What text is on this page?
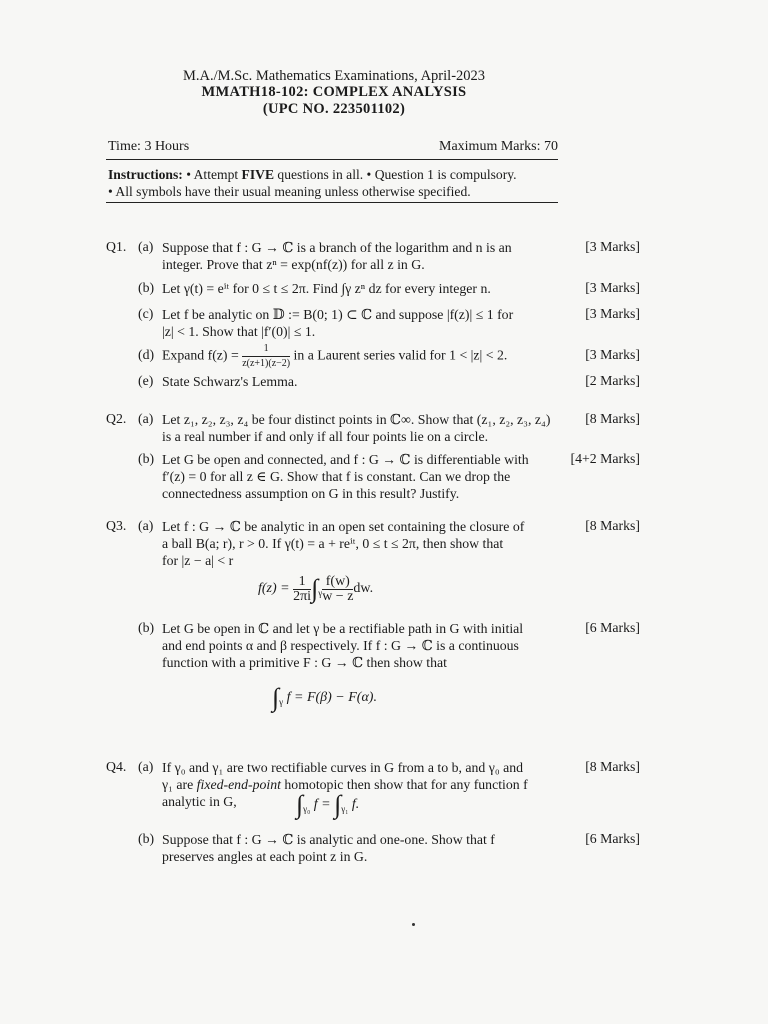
M.A./M.Sc. Mathematics Examinations, April-2023
MMATH18-102: COMPLEX ANALYSIS
(UPC NO. 223501102)
Time: 3 Hours	Maximum Marks: 70
Instructions: • Attempt FIVE questions in all. • Question 1 is compulsory.
• All symbols have their usual meaning unless otherwise specified.
Q1. (a) Suppose that f : G → ℂ is a branch of the logarithm and n is an
integer. Prove that zⁿ = exp(nf(z)) for all z in G.
[3 Marks]
(b) Let γ(t) = eⁱᵗ for 0 ≤ t ≤ 2π. Find ∫γ zⁿ dz for every integer n.	[3 Marks]
(c) Let f be analytic on 𝔻 := B(0; 1) ⊂ ℂ and suppose |f(z)| ≤ 1 for
|z| < 1. Show that |f′(0)| ≤ 1.
[3 Marks]
(d) Expand $f(z) = \frac{1}{z(z+1)(z-2)}$ in a Laurent series valid for 1 < |z| < 2.	[3 Marks]
(e) State Schwarz's Lemma.	[2 Marks]
Q2. (a) Let z₁, z₂, z₃, z₄ be four distinct points in ℂ∞. Show that (z₁, z₂, z₃, z₄)
is a real number if and only if all four points lie on a circle.
[8 Marks]
(b) Let G be open and connected, and f : G → ℂ is differentiable with
f′(z) = 0 for all z ∈ G. Show that f is constant. Can we drop the
connectedness assumption on G in this result? Justify.
[4+2 Marks]
Q3. (a) Let f : G → ℂ be analytic in an open set containing the closure of
a ball B(a; r), r > 0. If γ(t) = a + reⁱᵗ, 0 ≤ t ≤ 2π, then show that
for |z − a| < r
[8 Marks]
$f(z) = \frac{1}{2\pi i} \int_\gamma \frac{f(w)}{w - z}$ dw.
(b) Let G be open in ℂ and let γ be a rectifiable path in G with initial
and end points α and β respectively. If f : G → ℂ is a continuous
function with a primitive F : G → ℂ then show that
[6 Marks]
$\int_\gamma$ f = F(β) − F(α).
Q4. (a) If γ₀ and γ₁ are two rectifiable curves in G from a to b, and γ₀ and
γ₁ are fixed-end-point homotopic then show that for any function f
analytic in G,
[8 Marks]
$\int_{\gamma_0}$ $f = \int_{\gamma_1}$ f.
(b) Suppose that f : G → ℂ is analytic and one-one. Show that f
preserves angles at each point z in G.
[6 Marks]
